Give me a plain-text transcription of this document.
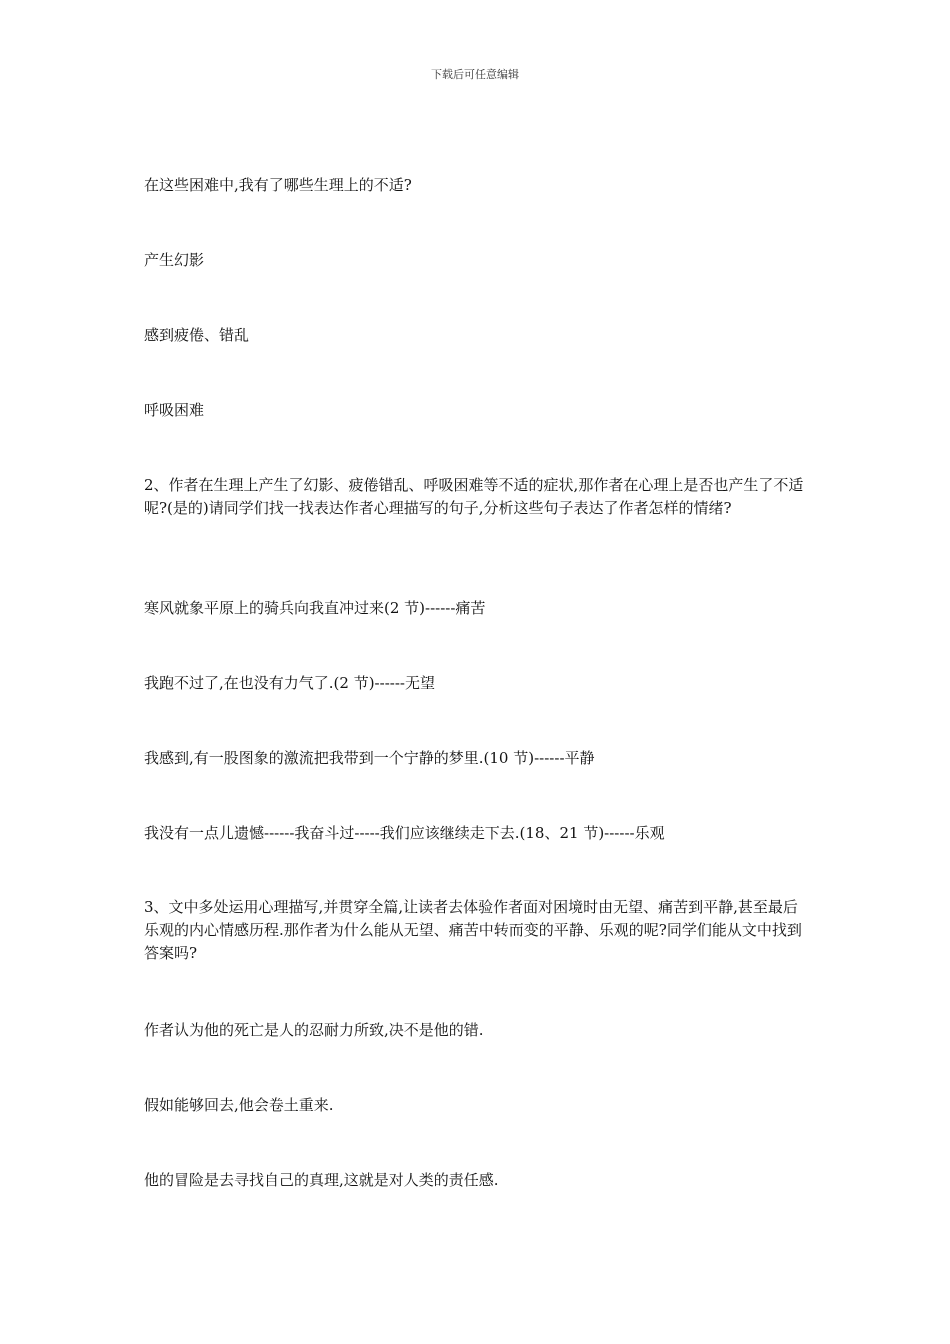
下载后可任意编辑
在这些困难中,我有了哪些生理上的不适?
产生幻影
感到疲倦、错乱
呼吸困难
2、作者在生理上产生了幻影、疲倦错乱、呼吸困难等不适的症状,那作者在心理上是否也产生了不适呢?(是的)请同学们找一找表达作者心理描写的句子,分析这些句子表达了作者怎样的情绪?
寒风就象平原上的骑兵向我直冲过来(2 节)------痛苦
我跑不过了,在也没有力气了.(2 节)------无望
我感到,有一股图象的激流把我带到一个宁静的梦里.(10 节)------平静
我没有一点儿遗憾------我奋斗过-----我们应该继续走下去.(18、21 节)------乐观
3、文中多处运用心理描写,并贯穿全篇,让读者去体验作者面对困境时由无望、痛苦到平静,甚至最后乐观的内心情感历程.那作者为什么能从无望、痛苦中转而变的平静、乐观的呢?同学们能从文中找到答案吗?
作者认为他的死亡是人的忍耐力所致,决不是他的错.
假如能够回去,他会卷土重来.
他的冒险是去寻找自己的真理,这就是对人类的责任感.
